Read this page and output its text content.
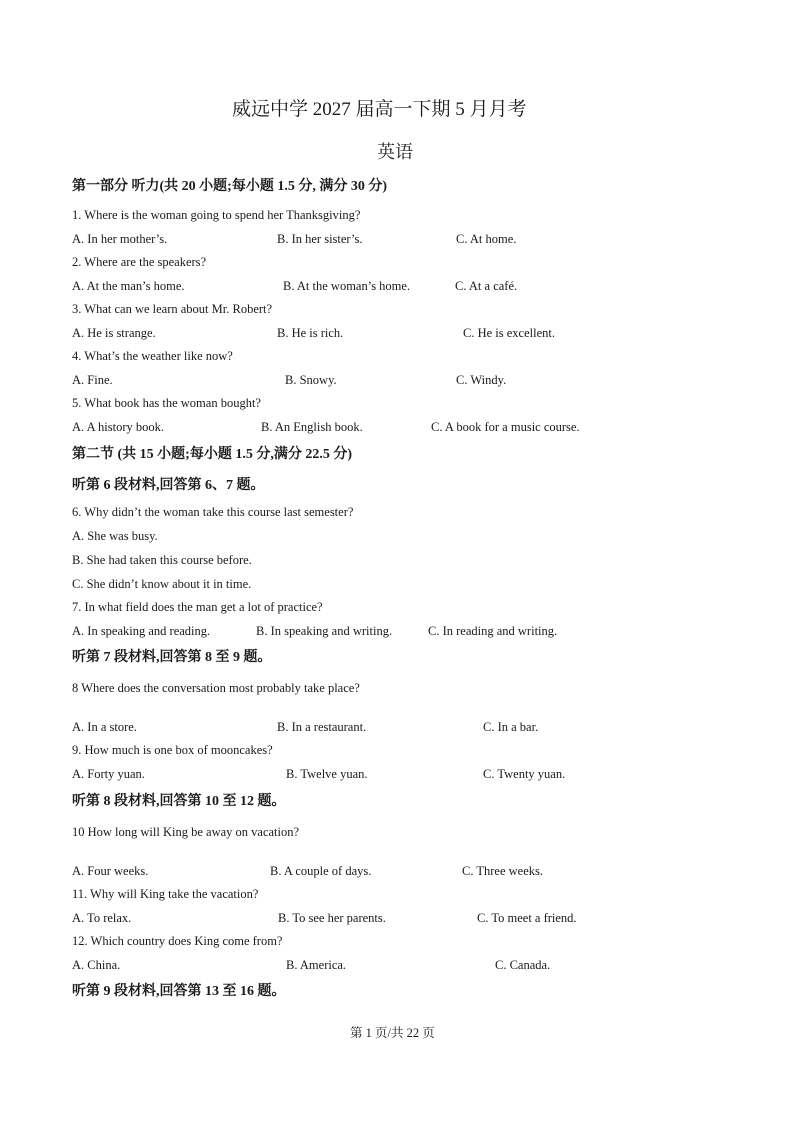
威远中学 2027 届高一下期 5 月月考
英语
第一部分 听力(共 20 小题;每小题 1.5 分, 满分 30 分)
1. Where is the woman going to spend her Thanksgiving?
A. In her mother’s.	B. In her sister’s.	C. At home.
2. Where are the speakers?
A. At the man’s home.	B. At the woman’s home.	C. At a café.
3. What can we learn about Mr. Robert?
A. He is strange.	B. He is rich.	C. He is excellent.
4. What’s the weather like now?
A. Fine.	B. Snowy.	C. Windy.
5. What book has the woman bought?
A. A history book.	B. An English book.	C. A book for a music course.
第二节 (共 15 小题;每小题 1.5 分,满分 22.5 分)
听第 6 段材料,回答第 6、7 题。
6. Why didn’t the woman take this course last semester?
A. She was busy.
B. She had taken this course before.
C. She didn’t know about it in time.
7. In what field does the man get a lot of practice?
A. In speaking and reading.	B. In speaking and writing.	C. In reading and writing.
听第 7 段材料,回答第 8 至 9 题。
8 Where does the conversation most probably take place?
A. In a store.	B. In a restaurant.	C. In a bar.
9. How much is one box of mooncakes?
A. Forty yuan.	B. Twelve yuan.	C. Twenty yuan.
听第 8 段材料,回答第 10 至 12 题。
10 How long will King be away on vacation?
A. Four weeks.	B. A couple of days.	C. Three weeks.
11. Why will King take the vacation?
A. To relax.	B. To see her parents.	C. To meet a friend.
12. Which country does King come from?
A. China.	B. America.	C. Canada.
听第 9 段材料,回答第 13 至 16 题。
第 1 页/共 22 页
